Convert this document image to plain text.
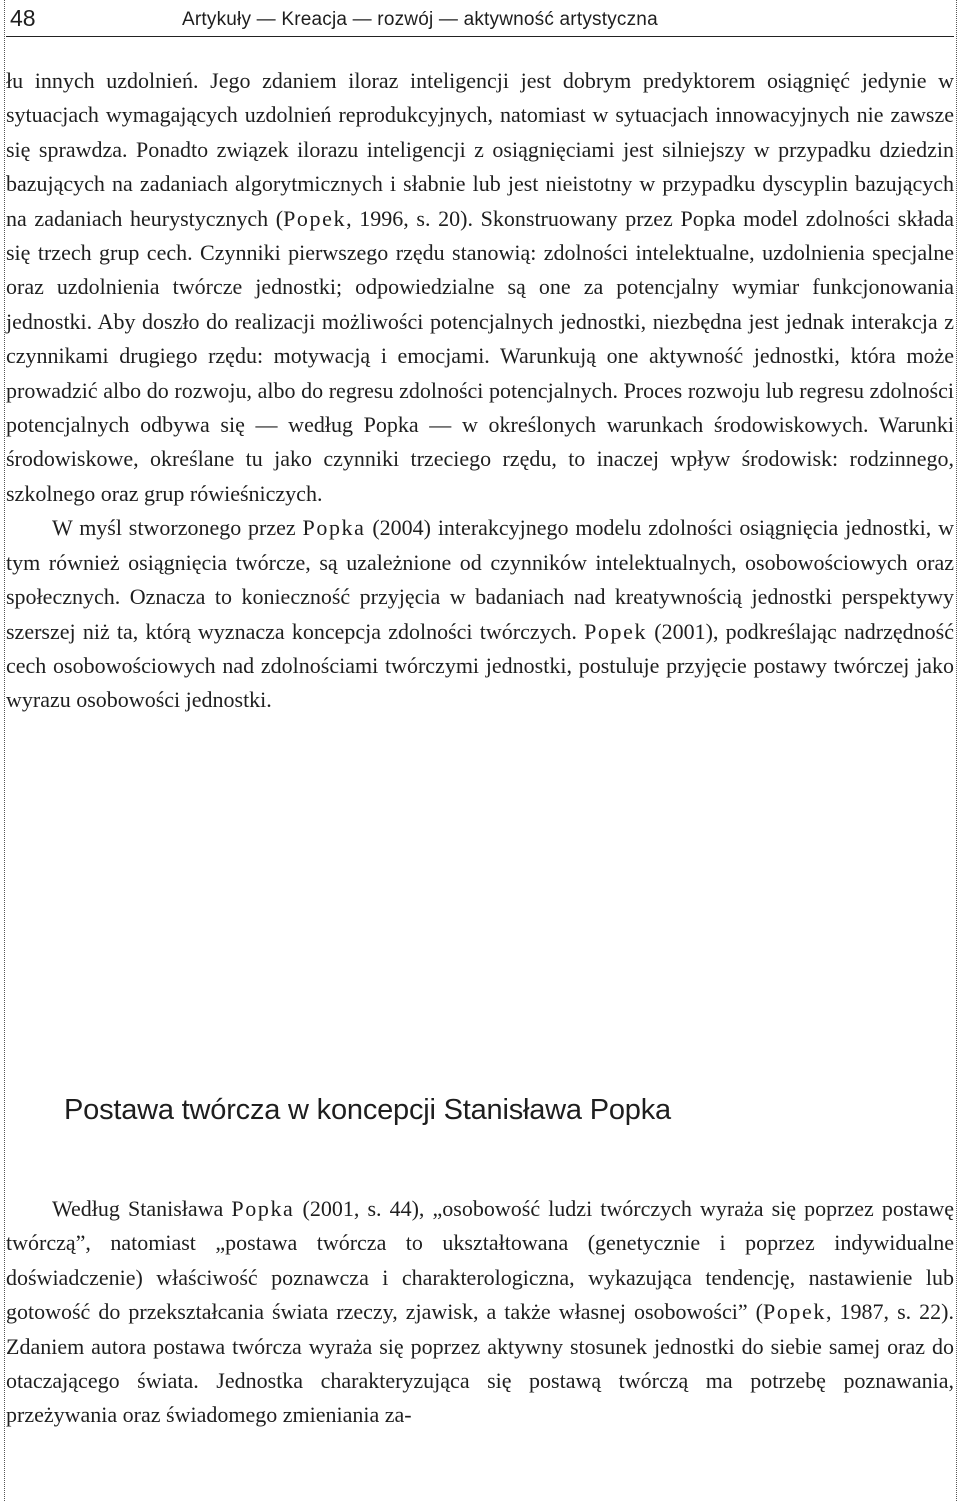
48	Artykuły — Kreacja — rozwój — aktywność artystyczna

łu innych uzdolnień. Jego zdaniem iloraz inteligencji jest dobrym predyktorem osiągnięć jedynie w sytuacjach wymagających uzdolnień reprodukcyjnych, natomiast w sytuacjach innowacyjnych nie zawsze się sprawdza. Ponadto związek ilorazu inteligencji z osiągnięciami jest silniejszy w przypadku dziedzin bazujących na zadaniach algorytmicznych i słabnie lub jest nieistotny w przypadku dyscyplin bazujących na zadaniach heurystycznych (Popek, 1996, s. 20). Skonstruowany przez Popka model zdolności składa się trzech grup cech. Czynniki pierwszego rzędu stanowią: zdolności intelektualne, uzdolnienia specjalne oraz uzdolnienia twórcze jednostki; odpowiedzialne są one za potencjalny wymiar funkcjonowania jednostki. Aby doszło do realizacji możliwości potencjalnych jednostki, niezbędna jest jednak interakcja z czynnikami drugiego rzędu: motywacją i emocjami. Warunkują one aktywność jednostki, która może prowadzić albo do rozwoju, albo do regresu zdolności potencjalnych. Proces rozwoju lub regresu zdolności potencjalnych odbywa się — według Popka — w określonych warunkach środowiskowych. Warunki środowiskowe, określane tu jako czynniki trzeciego rzędu, to inaczej wpływ środowisk: rodzinnego, szkolnego oraz grup rówieśniczych.

W myśl stworzonego przez Popka (2004) interakcyjnego modelu zdolności osiągnięcia jednostki, w tym również osiągnięcia twórcze, są uzależnione od czynników intelektualnych, osobowościowych oraz społecznych. Oznacza to konieczność przyjęcia w badaniach nad kreatywnością jednostki perspektywy szerszej niż ta, którą wyznacza koncepcja zdolności twórczych. Popek (2001), podkreślając nadrzędność cech osobowościowych nad zdolnościami twórczymi jednostki, postuluje przyjęcie postawy twórczej jako wyrazu osobowości jednostki.

Postawa twórcza w koncepcji Stanisława Popka

Według Stanisława Popka (2001, s. 44), „osobowość ludzi twórczych wyraża się poprzez postawę twórczą”, natomiast „postawa twórcza to ukształtowana (genetycznie i poprzez indywidualne doświadczenie) właściwość poznawcza i charakterologiczna, wykazująca tendencję, nastawienie lub gotowość do przekształcania świata rzeczy, zjawisk, a także własnej osobowości” (Popek, 1987, s. 22). Zdaniem autora postawa twórcza wyraża się poprzez aktywny stosunek jednostki do siebie samej oraz do otaczającego świata. Jednostka charakteryzująca się postawą twórczą ma potrzebę poznawania, przeżywania oraz świadomego zmieniania za-
